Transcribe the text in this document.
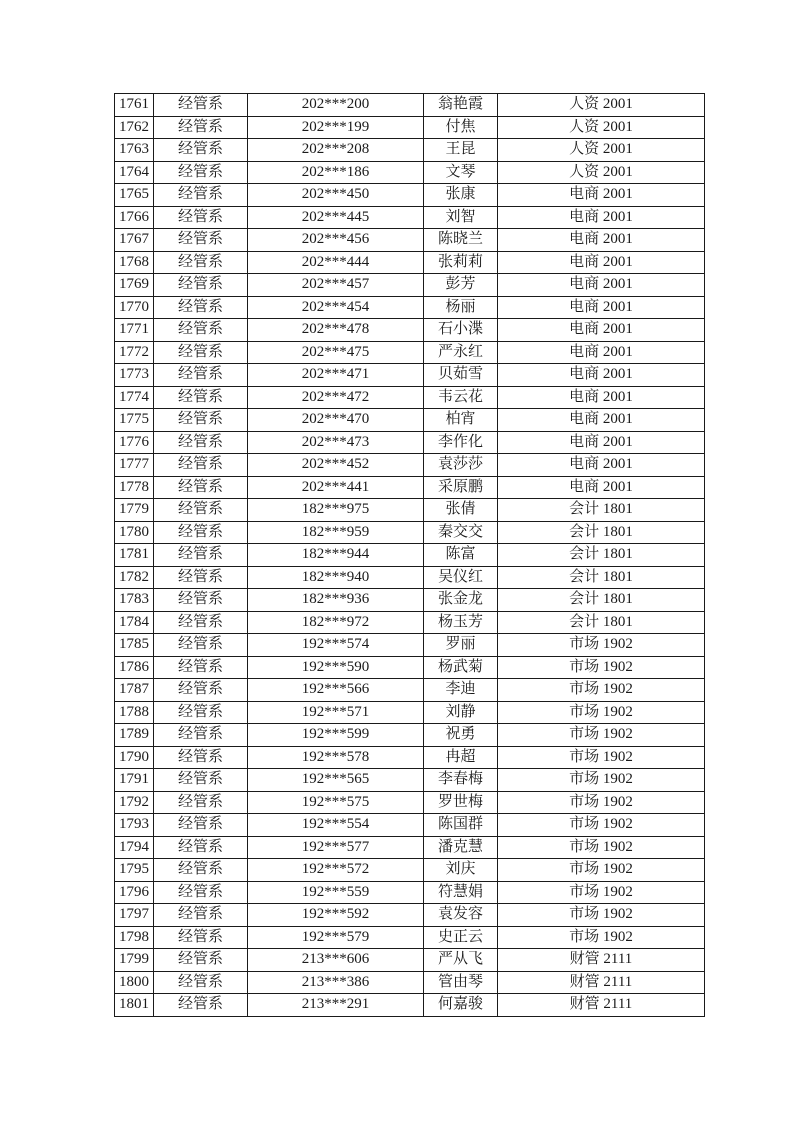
1761	经管系	202***200	翁艳霞	人资 2001
1762	经管系	202***199	付焦	人资 2001
1763	经管系	202***208	王昆	人资 2001
1764	经管系	202***186	文琴	人资 2001
1765	经管系	202***450	张康	电商 2001
1766	经管系	202***445	刘智	电商 2001
1767	经管系	202***456	陈晓兰	电商 2001
1768	经管系	202***444	张莉莉	电商 2001
1769	经管系	202***457	彭芳	电商 2001
1770	经管系	202***454	杨丽	电商 2001
1771	经管系	202***478	石小渫	电商 2001
1772	经管系	202***475	严永红	电商 2001
1773	经管系	202***471	贝茹雪	电商 2001
1774	经管系	202***472	韦云花	电商 2001
1775	经管系	202***470	柏宵	电商 2001
1776	经管系	202***473	李作化	电商 2001
1777	经管系	202***452	袁莎莎	电商 2001
1778	经管系	202***441	采原鹏	电商 2001
1779	经管系	182***975	张倩	会计 1801
1780	经管系	182***959	秦交交	会计 1801
1781	经管系	182***944	陈富	会计 1801
1782	经管系	182***940	吴仪红	会计 1801
1783	经管系	182***936	张金龙	会计 1801
1784	经管系	182***972	杨玉芳	会计 1801
1785	经管系	192***574	罗丽	市场 1902
1786	经管系	192***590	杨武菊	市场 1902
1787	经管系	192***566	李迪	市场 1902
1788	经管系	192***571	刘静	市场 1902
1789	经管系	192***599	祝勇	市场 1902
1790	经管系	192***578	冉超	市场 1902
1791	经管系	192***565	李春梅	市场 1902
1792	经管系	192***575	罗世梅	市场 1902
1793	经管系	192***554	陈国群	市场 1902
1794	经管系	192***577	潘克慧	市场 1902
1795	经管系	192***572	刘庆	市场 1902
1796	经管系	192***559	符慧娟	市场 1902
1797	经管系	192***592	袁发容	市场 1902
1798	经管系	192***579	史正云	市场 1902
1799	经管系	213***606	严从飞	财管 2111
1800	经管系	213***386	管由琴	财管 2111
1801	经管系	213***291	何嘉骏	财管 2111
